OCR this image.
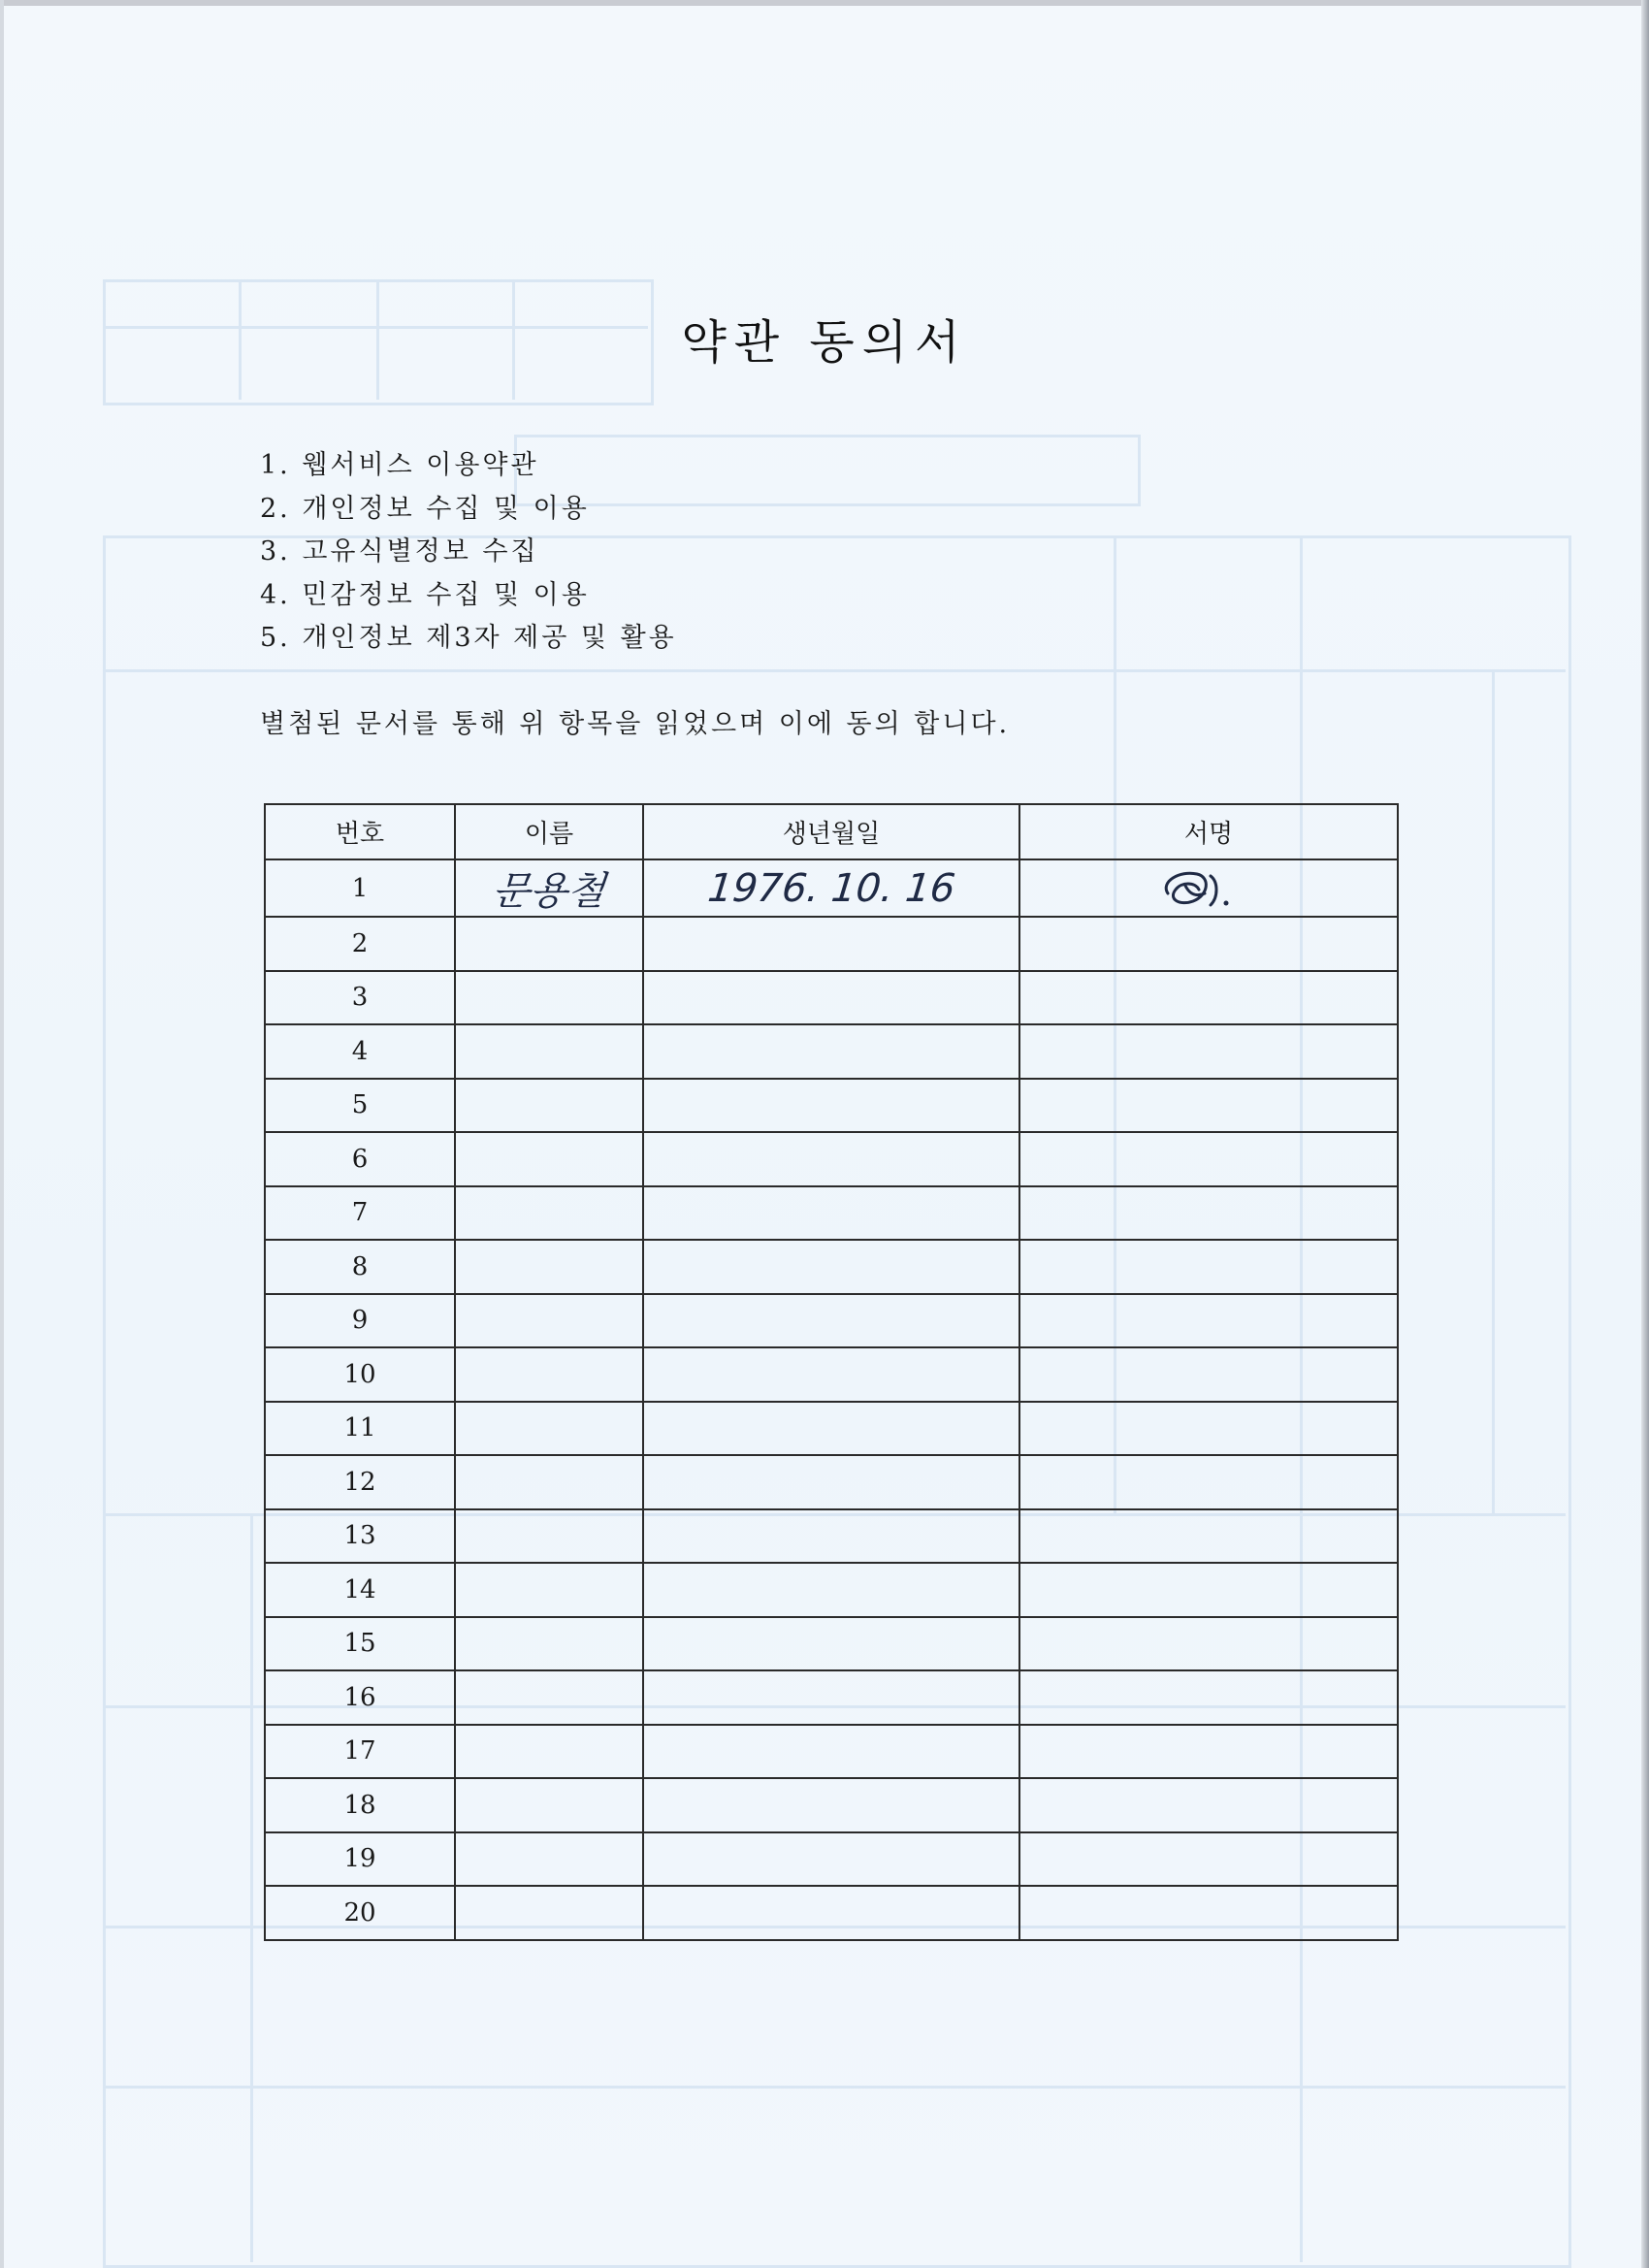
약관 동의서
1. 웹서비스 이용약관
2. 개인정보 수집 및 이용
3. 고유식별정보 수집
4. 민감정보 수집 및 이용
5. 개인정보 제3자 제공 및 활용
별첨된 문서를 통해 위 항목을 읽었으며 이에 동의 합니다.
번호	이름	생년월일	서명
1	문용철	1976. 10. 16	
2			
3			
4			
5			
6			
7			
8			
9			
10			
11			
12			
13			
14			
15			
16			
17			
18			
19			
20			
